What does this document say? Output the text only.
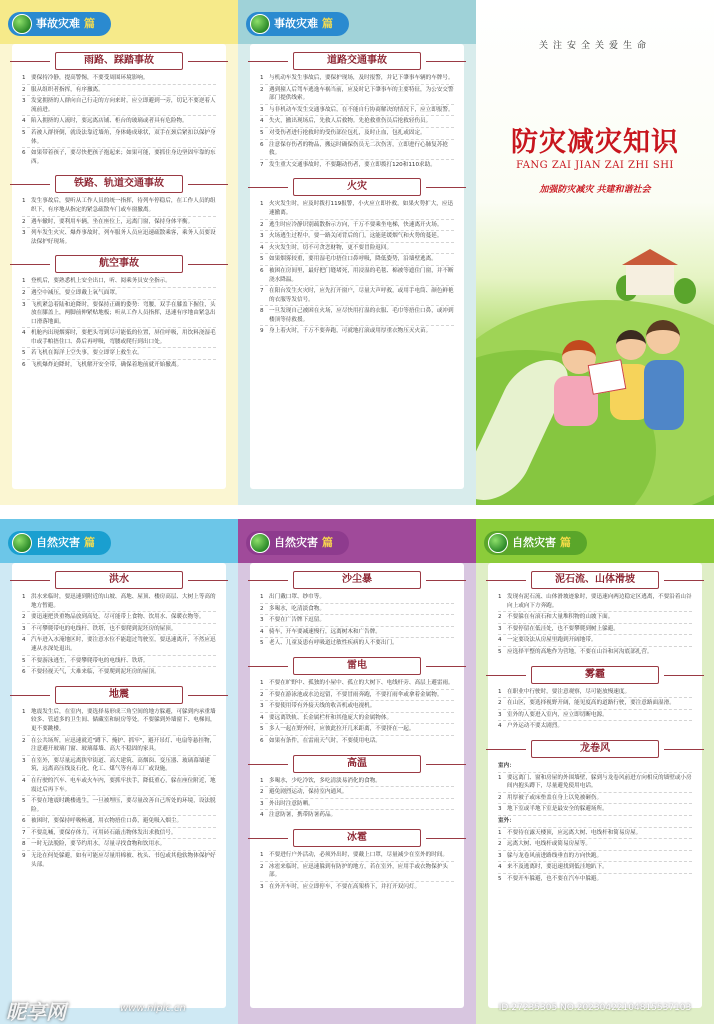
事故灾难 篇
雨路、踩踏事故
1 要保持冷静，提高警惕，不要受周围环境影响。
2 服从组织者指挥，有序撤离。
3 发觉拥挤的人群向自己行走的方向来时，应立即避到一旁，切记不要逆着人流前进。
4 陷入拥挤的人流时，要远离店铺、柜台的玻璃或者具有危险物。
5 若被人群挤倒，就设法靠近墙角，身体蜷成球状，双手在颈后紧扣以保护身体。
6 如果带着孩子，要尽快把孩子抱起来；如果可能，要抓住身边坚固牢靠的东西。
铁路、轨道交通事故
1 发生事故后，要听从工作人员的统一指挥，待列车停稳后，在工作人员的组织下，有序地从指定的紧急疏散车门或车窗撤离。
2 遇车辙时，要利用车辆，坐在座位上，远离门窗，保持身体平衡。
3 列车发生火灾、爆炸事故时，列车服务人员应迅速疏散乘客，乘务人员要设法保护好现场。
航空事故
1 登机后，要熟悉机上安全出口，听、阅乘务员安全指示。
2 遇空中减压，要立即戴上氧气面罩。
3 飞机紧急着陆和迫降时，要保持正确的姿势：弯腰，双手在膝盖下握住，头放在膝盖上，两脚前伸紧贴地板；听从工作人员指挥，迅速有序地由紧急出口滑落地面。
4 机舱内出现烟雾时，要把头弯到尽可能低的位置，屏住呼吸，用饮料浇湿毛巾或手帕捂住口、鼻后再呼吸，弯腰或爬行到出口处。
5 若飞机在海洋上空失事，要立即穿上救生衣。
6 飞机爆炸迫降时，飞机解开安全带，确保着地前就开始撤离。
事故灾难 篇
道路交通事故
1 与机动车发生事故后，要保护现场，及时报警，并记下肇事车辆的车牌号。
2 遇到撞人后驾车逃逸车祸当前，应及时记下肇事车的主要特征，为公安交警部门提供线索。
3 与非机动车发生交通事故后，在不能自行协商解决的情况下，应立即报警。
4 失火，撤出现场后，先救人后救物。先抢救重伤员后抢救轻伤员。
5 对受伤者进行抢救时的受伤部位包扎，及时止血，包扎或固定。
6 注意保存伤者的物品，搬运时确保伤员无二次伤害，立即进行心肺复苏抢救。
7 发生重大交通事故时，不要翻动伤者，要立即拨打120和110求助。
火灾
1 火灾发生时，应及时拨打119报警，小火应立即扑救，如果火势扩大，应迅速撤离。
2 逃生时应冷静识别疏散指示方向，千万不要乘坐电梯，快速离开火场。
3 火场逃生过程中，要一路关闭背后的门，这能延缓烟气和火势的蔓延。
4 火灾发生时，切不可贪恋财物，更不要冒险返回。
5 如果烟雾较重，要用湿毛巾捂住口鼻呼吸，降低姿势，沿墙壁逃离。
6 被困在房间里，最好把门缝堵死，用浸湿的毛毯、棉被等遮住门窗，并不断浇水降温。
7 在阳台发生火灾时，应先打开窗户，尽量大声呼救，或用手电筒、颜色鲜艳的衣服等发信号。
8 一旦发现自己被困在火场，应尽快用打湿的衣服、毛巾等捂住口鼻，或冲到楼顶等待救援。
9 身上着火时，千万不要奔跑，可就地打滚或用厚重衣物压灭火苗。
关注安全关爱生命
防灾减灾知识
FANG ZAI JIAN ZAI ZHI SHI
加强防灾减灾 共建和谐社会
自然灾害 篇
洪水
1 洪水来临时，要迅速到附近的山坡、高地、屋顶、楼房高层、大树上等高的地方暂避。
2 要迅速把贵重物品放到高处，尽可能带上食物、饮用水、保暖衣物等。
3 不可攀爬带电的电线杆、铁塔，也不要爬到泥坯房的屋顶。
4 汽车进入水淹地区时，要注意水位不能超过驾驶室，要迅速离开，不然应迅速从水深处退出。
5 不要游泳逃生，不要攀爬带电的电线杆、铁塔。
6 不要轻视天气，大难来临，不要爬到泥坯房的屋顶。
地震
1 地震发生后，在室内，要选择易形成三角空间的地方躲避，可躲到内承重墙较多、管道多的卫生间、储藏室和厨房等处。不要躲到外墙窗下、电梯间，更不要跳楼。
2 在公共场所，应迅速就近"蹲下、掩护、抓牢"，避开吊灯、电扇等悬挂物，注意避开玻璃门窗、玻璃幕墙、高大不稳固的家具。
3 在室外，要尽量远离狭窄街道、高大建筑、高烟囱、变压器、玻璃幕墙建筑，远离高压线及石化、化工、煤气等有毒工厂或设施。
4 在行驶的汽车、电车或火车内，要抓牢扶手，降低重心，躲在座位附近，地震过后再下车。
5 不要在地震时跳楼逃生，一旦被埋压，要尽量改善自己所处的环境，设法脱险。
6 被困时，要保持呼吸畅通，用衣物捂住口鼻，避免吸入烟尘。
7 不要乱喊，要保存体力，可用砖石敲击物体发出求救信号。
8 一时无法脱险，要节约用水，尽量寻找食物和饮用水。
9 无论在何处躲避，如有可能应尽量用棉被、枕头、书包或其他软物体保护好头部。
自然灾害 篇
沙尘暴
1 出门戴口罩、纱巾等。
2 多喝水，吃清淡食物。
3 不要在广告牌下逗留。
4 骑车，开车要减速慢行，远离树木和广告牌。
5 老人、儿童及患有呼吸道过敏性疾病的人不要出门。
雷电
1 不要在旷野中、孤独的小屋中、孤立的大树下、电线杆旁、高层上避雷雨。
2 不要在游泳池或水边逗留，不要冒雨奔跑，不要打雨伞或拿着金属物。
3 不要使用带有外接天线的收音机或电视机。
4 要远离铁轨、长金属栏杆和其他庞大的金属物体。
5 多人一起在野外时，应彼此拉开几米距离，不要挤在一起。
6 如果有条件，在雷雨天气时，不要使用电话。
高温
1 多喝水，少吃冷饮，多吃清淡易消化的食物。
2 避免剧烈运动，保持室内通风。
3 外出时注意防晒。
4 注意防暑，携带防暑药品。
冰雹
1 不要进行户外活动，必须外出时，要戴上口罩，尽量减少在室外的时间。
2 冰雹来临时，应迅速躲到有防护的地方，若在室外，应用手或衣物保护头部。
3 在外开车时，应立即停车，不要在高架桥下，并打开双闪灯。
自然灾害 篇
泥石流、山体滑坡
1 发现有泥石流、山体滑坡迹象时，要迅速向两边稳定区逃离，不要沿着山谷向上或向下方奔跑。
2 不要躲在有滚石和大量堆积物的山坡下面。
3 不要停留在低洼处，也不要攀爬到树上躲避。
4 一定要设法从房屋里跑到开阔地带。
5 应选择平整的高地作为营地，不要在山谷和河沟底部扎营。
雾霾
1 在职业中行驶时，要注意观察，尽可能放慢速度。
2 在山区，要选择视野开阔，能见度高的道路行驶，要注意路面湿滑。
3 室外的人要进入室内，应立即切断电源。
4 户外运动不要太剧烈。
龙卷风
室内：
1 要远离门、窗和房屋的外围墙壁，躲到与龙卷风前进方向相反的墙壁或小房间内抱头蹲下，尽量避免使用电话。
2 用厚被子或床垫盖在身上以免被砸伤。
3 地下室或半地下室是最安全的躲避场所。
室外：
1 不要待在露天楼顶，应远离大树、电线杆和简易房屋。
2 远离大树、电线杆或简易房屋等。
3 躲与龙卷风前进路线垂直的方向快跑。
4 来不及逃离时，要迅速找到低洼地趴下。
5 不要开车躲避，也不要在汽车中躲避。
昵享网	www.nipic.cn	ID:27235305 NO:20230422104815537103
